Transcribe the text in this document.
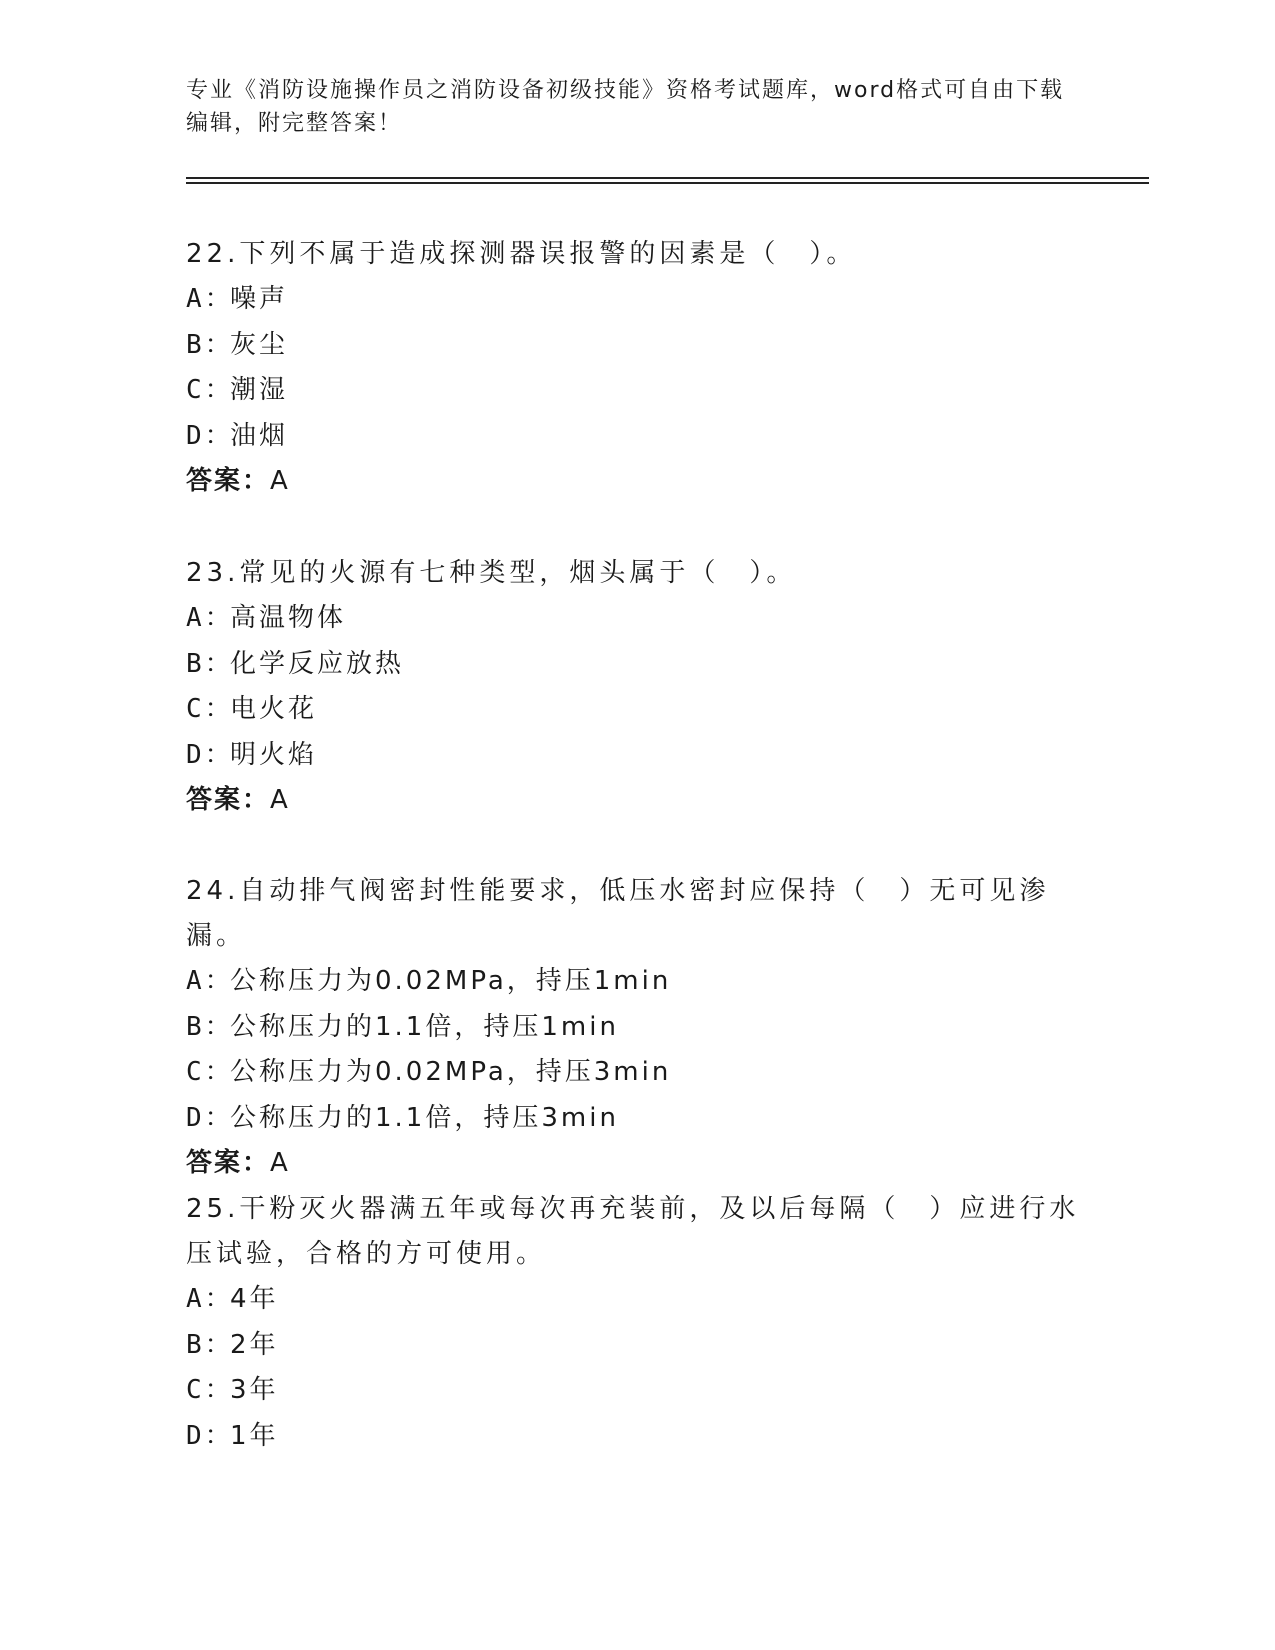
专业《消防设施操作员之消防设备初级技能》资格考试题库，word格式可自由下载编辑，附完整答案！

22.下列不属于造成探测器误报警的因素是（　）。

A：噪声

B：灰尘

C：潮湿

D：油烟

答案：A

23.常见的火源有七种类型，烟头属于（　）。

A：高温物体

B：化学反应放热

C：电火花

D：明火焰

答案：A

24.自动排气阀密封性能要求，低压水密封应保持（　）无可见渗漏。

A：公称压力为0.02MPa，持压1min

B：公称压力的1.1倍，持压1min

C：公称压力为0.02MPa，持压3min

D：公称压力的1.1倍，持压3min

答案：A

25.干粉灭火器满五年或每次再充装前，及以后每隔（　）应进行水压试验，合格的方可使用。

A：4年

B：2年

C：3年

D：1年
